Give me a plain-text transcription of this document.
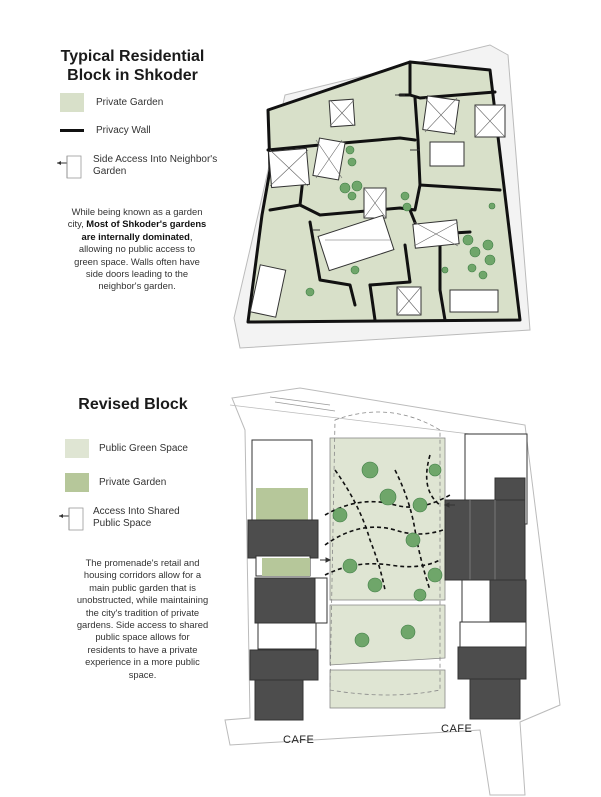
Typical Residential
Block in Shkoder
Private Garden
Privacy Wall
Side Access Into Neighbor's
Garden
While being known as a garden
city, Most of Shkoder's gardens
are internally dominated,
allowing no public access to
green space. Walls often have
side doors leading to the
neighbor's garden.
Revised Block
Public Green Space
Private Garden
Access Into Shared
Public Space
The promenade's retail and
housing corridors allow for a
main public garden that is
unobstructed, while maintaining
the city's tradition of private
gardens. Side access to shared
public space allows for
residents to have a private
experience in a more public
space.
CAFE
CAFE
